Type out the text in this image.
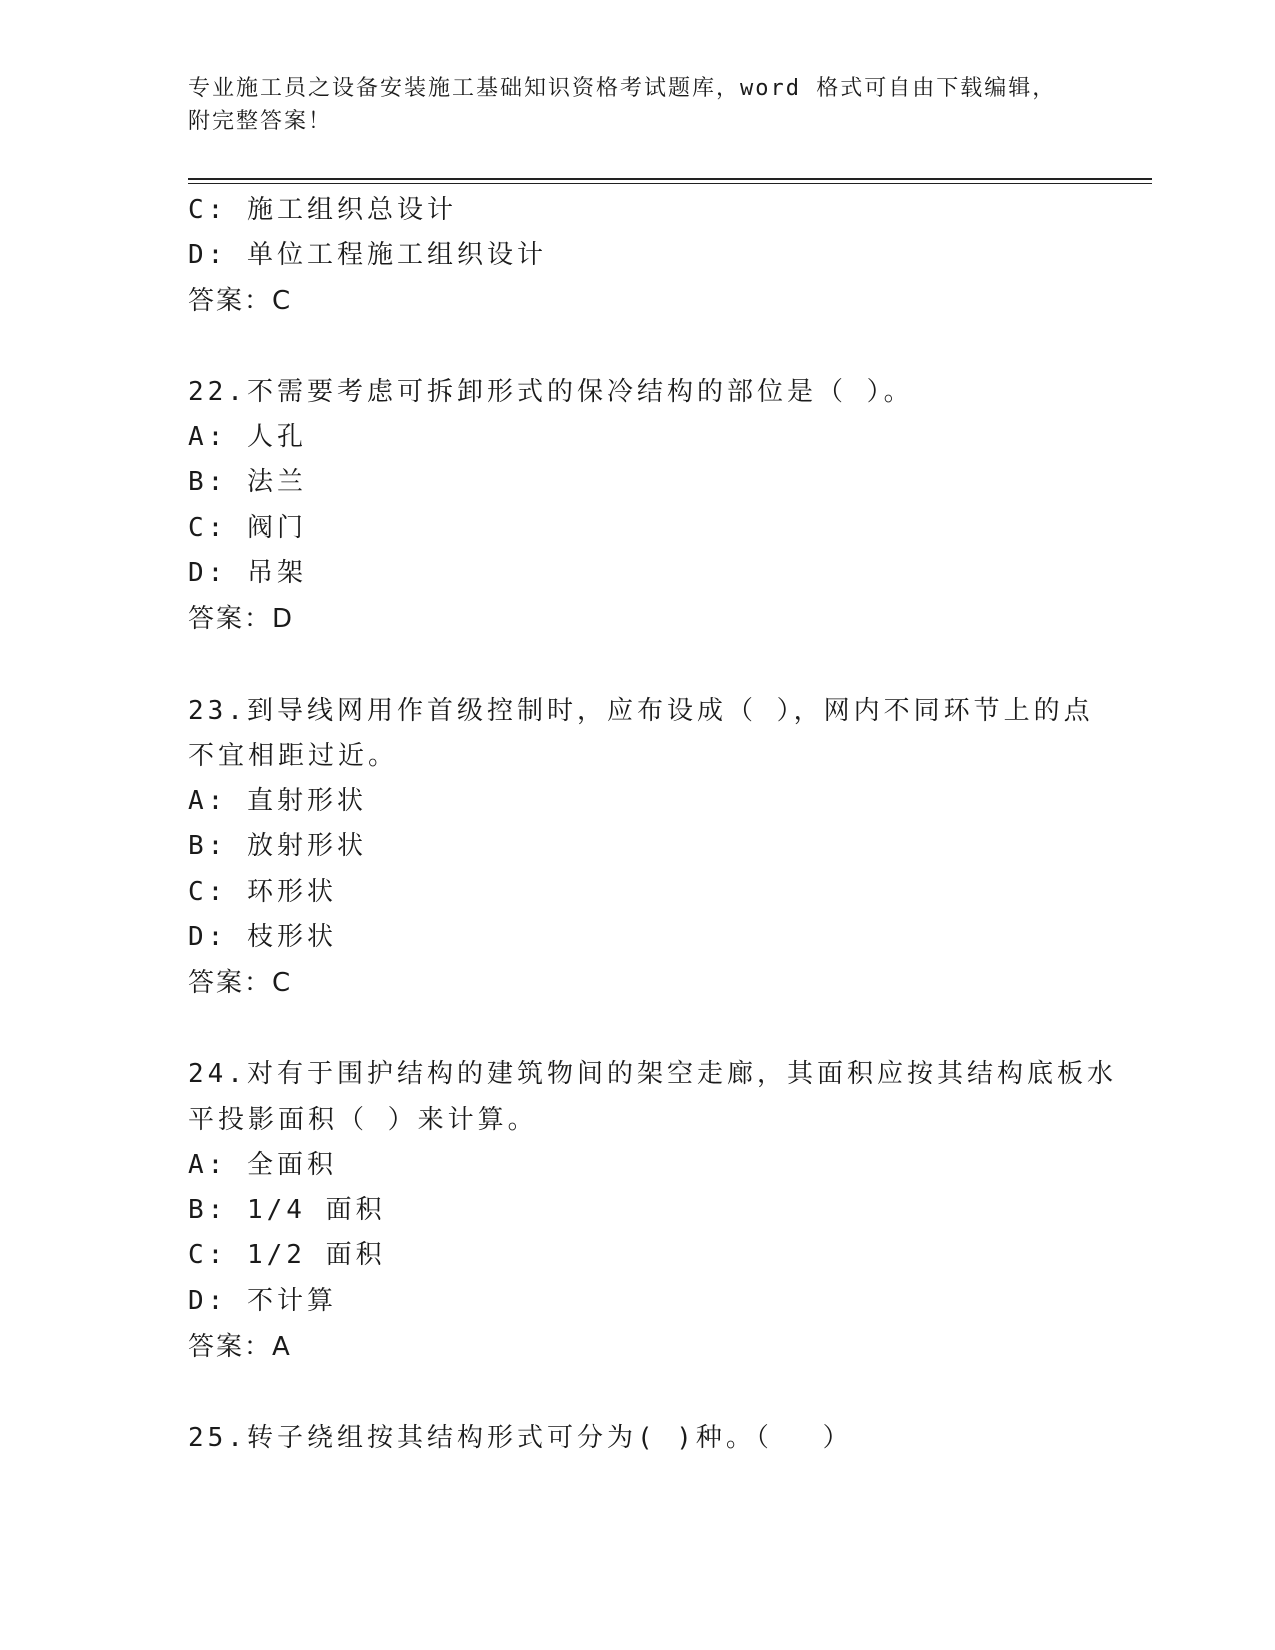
专业施工员之设备安装施工基础知识资格考试题库，word 格式可自由下载编辑，
附完整答案！
C: 施工组织总设计
D: 单位工程施工组织设计
答案：C
22.不需要考虑可拆卸形式的保冷结构的部位是（ ）。
A: 人孔
B: 法兰
C: 阀门
D: 吊架
答案：D
23.到导线网用作首级控制时，应布设成（ ），网内不同环节上的点
不宜相距过近。
A: 直射形状
B: 放射形状
C: 环形状
D: 枝形状
答案：C
24.对有于围护结构的建筑物间的架空走廊，其面积应按其结构底板水
平投影面积（ ）来计算。
A: 全面积
B: 1/4 面积
C: 1/2 面积
D: 不计算
答案：A
25.转子绕组按其结构形式可分为( )种。（　 ）
